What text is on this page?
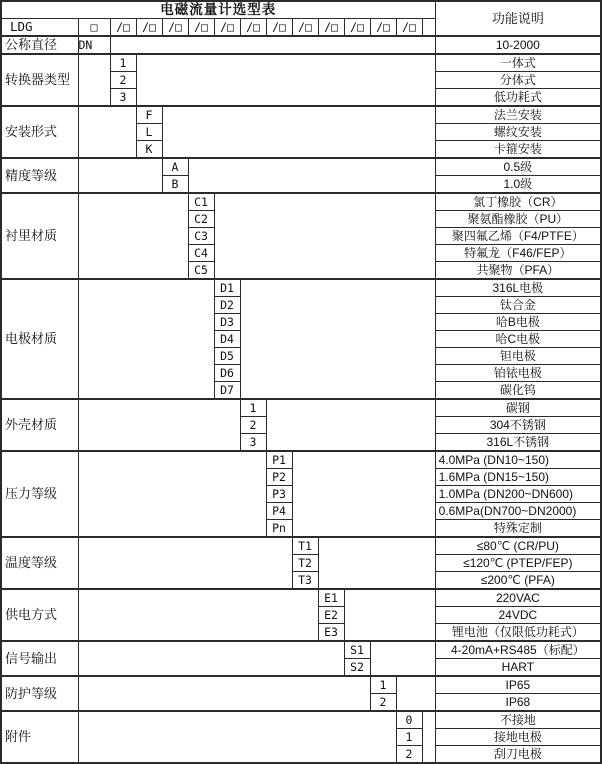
电磁流量计选型表															功能说明
LDG	□	/□	/□	/□	/□	/□	/□	/□	/□	/□	/□	/□	/□		
公称直径	DN														10-2000
转换器类型		1													一体式
		2													分体式
		3													低功耗式
安装形式			F												法兰安装
			L												螺纹安装
			K												卡箍安装
精度等级				A											0.5级
				B											1.0级
衬里材质					C1										氯丁橡胶（CR）
					C2										聚氨酯橡胶（PU）
					C3										聚四氟乙烯（F4/PTFE）
					C4										特氟龙（F46/FEP）
					C5										共聚物（PFA）
电极材质						D1									316L电极
						D2									钛合金
						D3									哈B电极
						D4									哈C电极
						D5									钽电极
						D6									铂铱电极
						D7									碳化钨
外壳材质							1								碳钢
							2								304不锈钢
							3								316L不锈钢
压力等级								P1							4.0MPa (DN10~150)
								P2							1.6MPa (DN15~150)
								P3							1.0MPa (DN200~DN600)
								P4							0.6MPa(DN700~DN2000)
								Pn							特殊定制
温度等级									T1						≤80℃ (CR/PU)
									T2						≤120℃ (PTEP/FEP)
									T3						≤200℃ (PFA)
供电方式										E1					220VAC
										E2					24VDC
										E3					锂电池（仅限低功耗式）
信号输出											S1				4-20mA+RS485（标配）
											S2				HART
防护等级												1			IP65
												2			IP68
附件													0		不接地
													1		接地电极
													2		刮刀电极
